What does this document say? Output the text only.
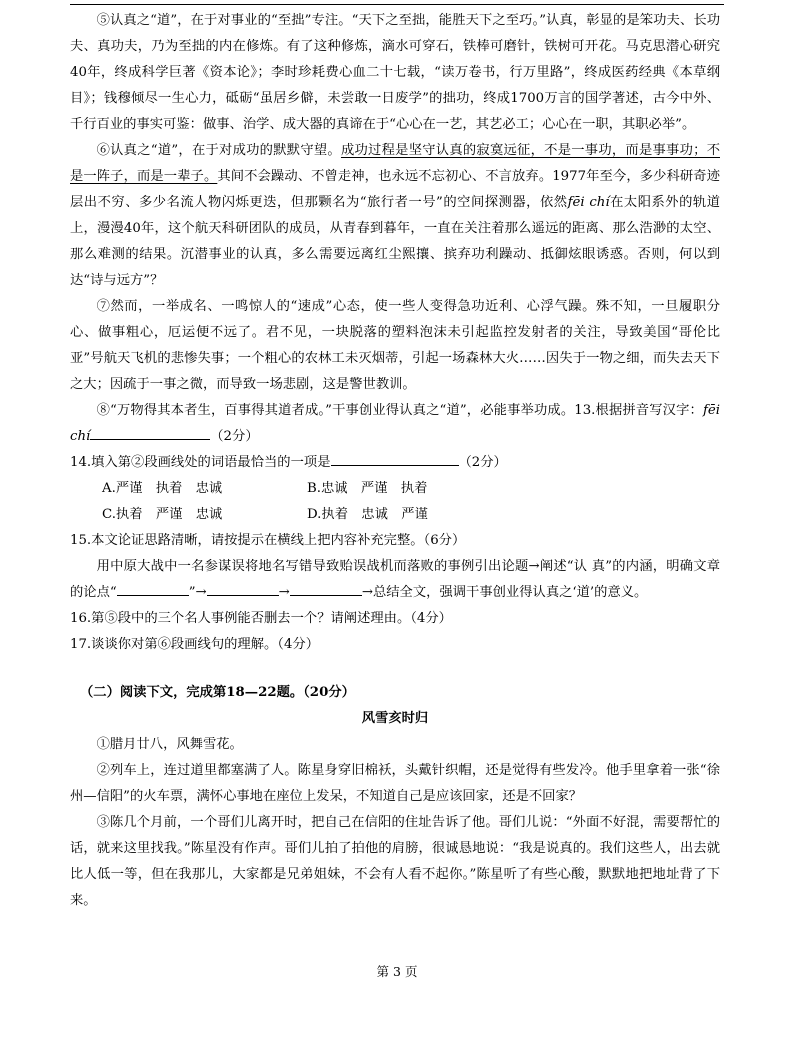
⑤认真之“道”，在于对事业的“至拙”专注。“天下之至拙，能胜天下之至巧。”认真，彰显的是笨功夫、长功夫、真功夫，乃为至拙的内在修炼。有了这种修炼，滴水可穿石，铁棒可磨针，铁树可开花。马克思潜心研究40年，终成科学巨著《资本论》；李时珍耗费心血二十七载，“读万卷书，行万里路”，终成医药经典《本草纲目》；钱穆倾尽一生心力，砥砺“虽居乡僻，未尝敢一日废学”的拙功，终成1700万言的国学著述，古今中外、千行百业的事实可鉴：做事、治学、成大器的真谛在于“心心在一艺，其艺必工；心心在一职，其职必举”。

⑥认真之“道”，在于对成功的默默守望。成功过程是坚守认真的寂寞远征，不是一事功，而是事事功；不是一阵子，而是一辈子。其间不会躁动、不曾走神，也永远不忘初心、不言放弃。1977年至今，多少科研奇迹层出不穷、多少名流人物闪烁更迭，但那颗名为“旅行者一号”的空间探测器，依然fēi chí在太阳系外的轨道上，漫漫40年，这个航天科研团队的成员，从青春到暮年，一直在关注着那么遥远的距离、那么浩渺的太空、那么难测的结果。沉潜事业的认真，多么需要远离红尘熙攘、摈弃功利躁动、抵御炫眼诱惑。否则，何以到达“诗与远方”？

⑦然而，一举成名、一鸣惊人的“速成”心态，使一些人变得急功近利、心浮气躁。殊不知，一旦履职分心、做事粗心，厄运便不远了。君不见，一块脱落的塑料泡沫未引起监控发射者的关注，导致美国“哥伦比亚”号航天飞机的悲惨失事；一个粗心的农林工未灭烟蒂，引起一场森林大火……因失于一物之细，而失去天下之大；因疏于一事之微，而导致一场悲剧，这是警世教训。

⑧“万物得其本者生，百事得其道者成。”干事创业得认真之“道”，必能事举功成。13.根据拼音写汉字：fēi chí	（2分）

14.填入第②段画线处的词语最恰当的一项是	（2分）

A.严谨　执着　忠诚	B.忠诚　严谨　执着
C.执着　严谨　忠诚	D.执着　忠诚　严谨

15.本文论证思路清晰，请按提示在横线上把内容补充完整。（6分）

用中原大战中一名参谋误将地名写错导致贻误战机而落败的事例引出论题→阐述“认 真”的内涵，明确文章的论点“	”→	→	→总结全文，强调干事创业得认真之‘道’的意义。

16.第⑤段中的三个名人事例能否删去一个？请阐述理由。（4分）

17.谈谈你对第⑥段画线句的理解。（4分）

（二）阅读下文，完成第18—22题。（20分）

风雪亥时归

①腊月廿八，风舞雪花。

②列车上，连过道里都塞满了人。陈星身穿旧棉袄，头戴针织帽，还是觉得有些发冷。他手里拿着一张“徐州—信阳”的火车票，满怀心事地在座位上发呆，不知道自己是应该回家，还是不回家？

③陈几个月前，一个哥们儿离开时，把自己在信阳的住址告诉了他。哥们儿说：“外面不好混，需要帮忙的话，就来这里找我。”陈星没有作声。哥们儿拍了拍他的肩膀，很诚恳地说：“我是说真的。我们这些人，出去就比人低一等，但在我那儿，大家都是兄弟姐妹，不会有人看不起你。”陈星听了有些心酸，默默地把地址背了下来。

第 3 页
